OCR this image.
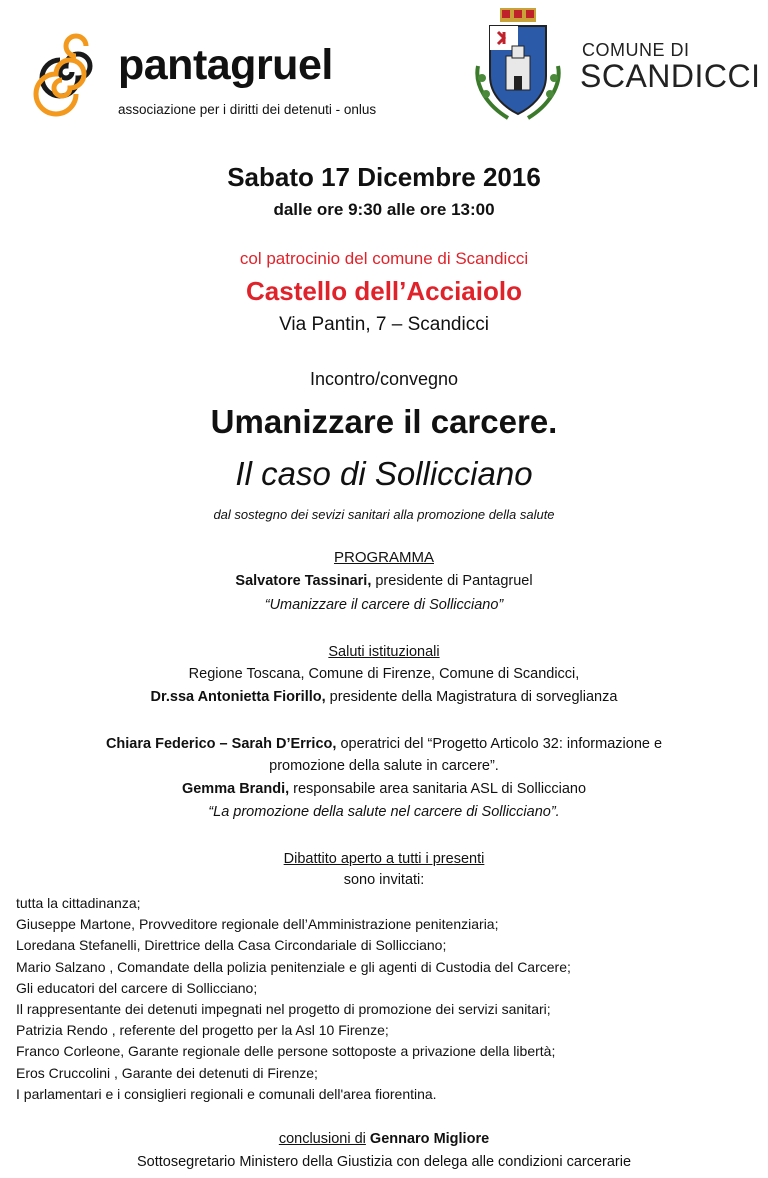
pantagruel
associazione per i diritti dei detenuti - onlus
COMUNE DI
SCANDICCI
Sabato 17 Dicembre 2016
dalle ore 9:30 alle ore 13:00
col patrocinio del comune di Scandicci
Castello dell’Acciaiolo
Via Pantin, 7 – Scandicci
Incontro/convegno
Umanizzare il carcere.
Il caso di Sollicciano
dal sostegno dei sevizi sanitari alla promozione della salute
PROGRAMMA
Salvatore Tassinari, presidente di Pantagruel
“Umanizzare il carcere di Sollicciano”
Saluti istituzionali
Regione Toscana, Comune di Firenze, Comune di Scandicci,
Dr.ssa Antonietta Fiorillo, presidente della Magistratura di sorveglianza
Chiara Federico – Sarah D’Errico, operatrici del “Progetto Articolo 32: informazione e
promozione della salute in carcere”.
Gemma Brandi, responsabile area sanitaria ASL di Sollicciano
“La promozione della salute nel carcere di Sollicciano”.
Dibattito aperto a tutti i presenti
sono invitati:
tutta la cittadinanza;
Giuseppe Martone, Provveditore regionale dell’Amministrazione penitenziaria;
Loredana Stefanelli, Direttrice della Casa Circondariale di Sollicciano;
Mario Salzano , Comandate della polizia penitenziale e gli agenti di Custodia del Carcere;
Gli educatori del carcere di Sollicciano;
Il rappresentante dei detenuti impegnati nel progetto di promozione dei servizi sanitari;
Patrizia Rendo , referente del progetto per la Asl 10 Firenze;
Franco Corleone, Garante regionale delle persone sottoposte a privazione della libertà;
Eros Cruccolini , Garante dei detenuti di Firenze;
I parlamentari e i consiglieri regionali e comunali dell'area fiorentina.
conclusioni di Gennaro Migliore
Sottosegretario Ministero della Giustizia con delega alle condizioni carcerarie
